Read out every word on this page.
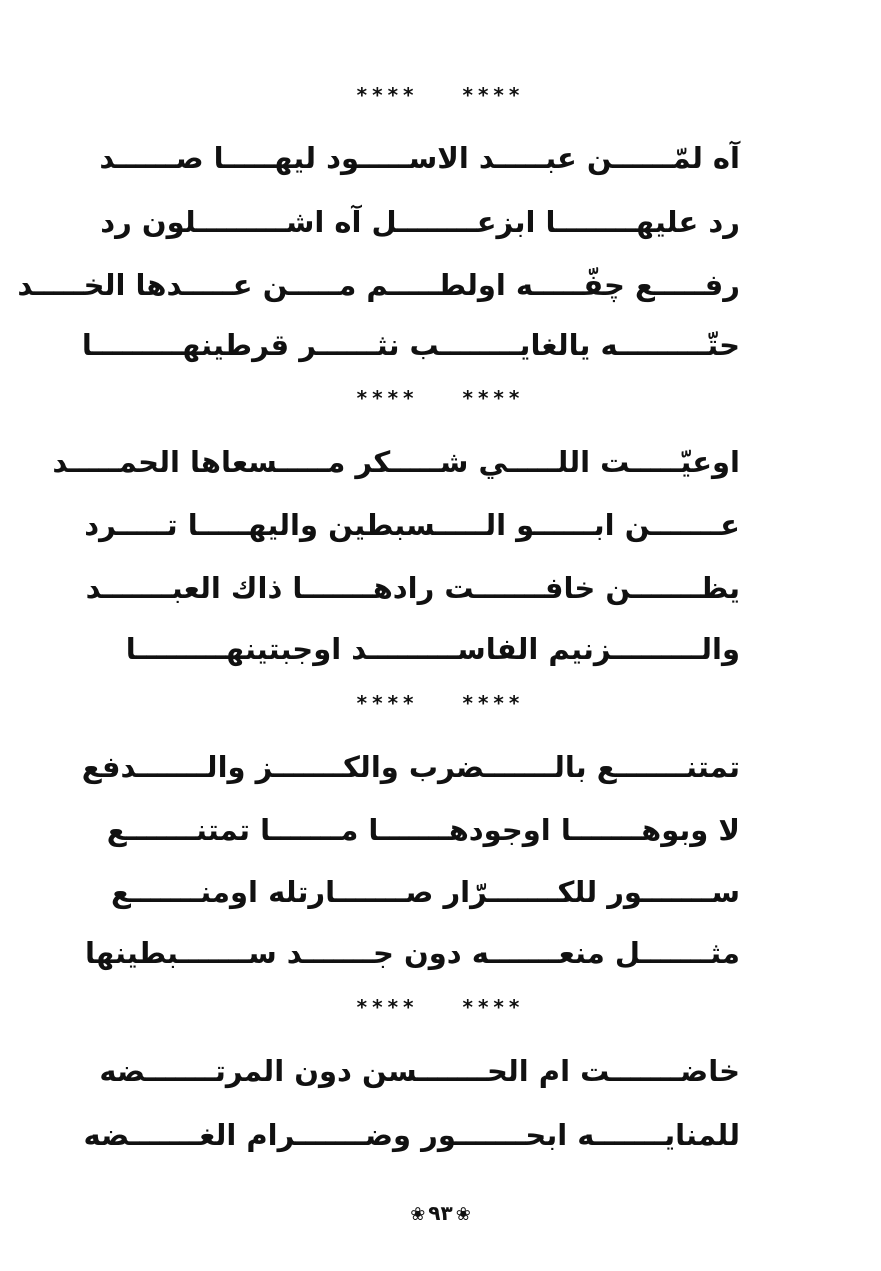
**** ****
آه لمّــــــن عبـــــد الاســـــود ليهـــــا صــــــد
رد عليهــــــــا ابزعــــــــل آه اشـــــــــلون رد
رفـــــع چفّـــــه اولطـــــم مـــــن عـــــدها الخـــــد
حتّـــــــــه يالغايــــــــب نثــــــر قرطينهـــــــــا
**** ****
اوعيّـــــت اللـــــي شـــــكر مـــــسعاها الحمـــــد
عـــــــن ابــــــو الـــــسبطين واليهـــــا تـــــرد
يظـــــــن خافـــــــت رادهـــــــا ذاك العبـــــــد
والـــــــــزنيم الفاســـــــــد اوجبتينهـــــــــا
**** ****
تمتنـــــــع بالـــــــضرب والكـــــــز والـــــــدفع
لا وبوهـــــــا اوجودهـــــــا مـــــــا تمتنـــــــع
ســـــــور للكـــــــرّار صـــــــارتله اومنـــــــع
مثـــــــل منعـــــــه دون جـــــــد ســـــــبطينها
**** ****
خاضـــــــت ام الحـــــــسن دون المرتـــــــضه
للمنايـــــــه ابحـــــــور وضـــــــرام الغـــــــضه
❀ ٩٣ ❀
